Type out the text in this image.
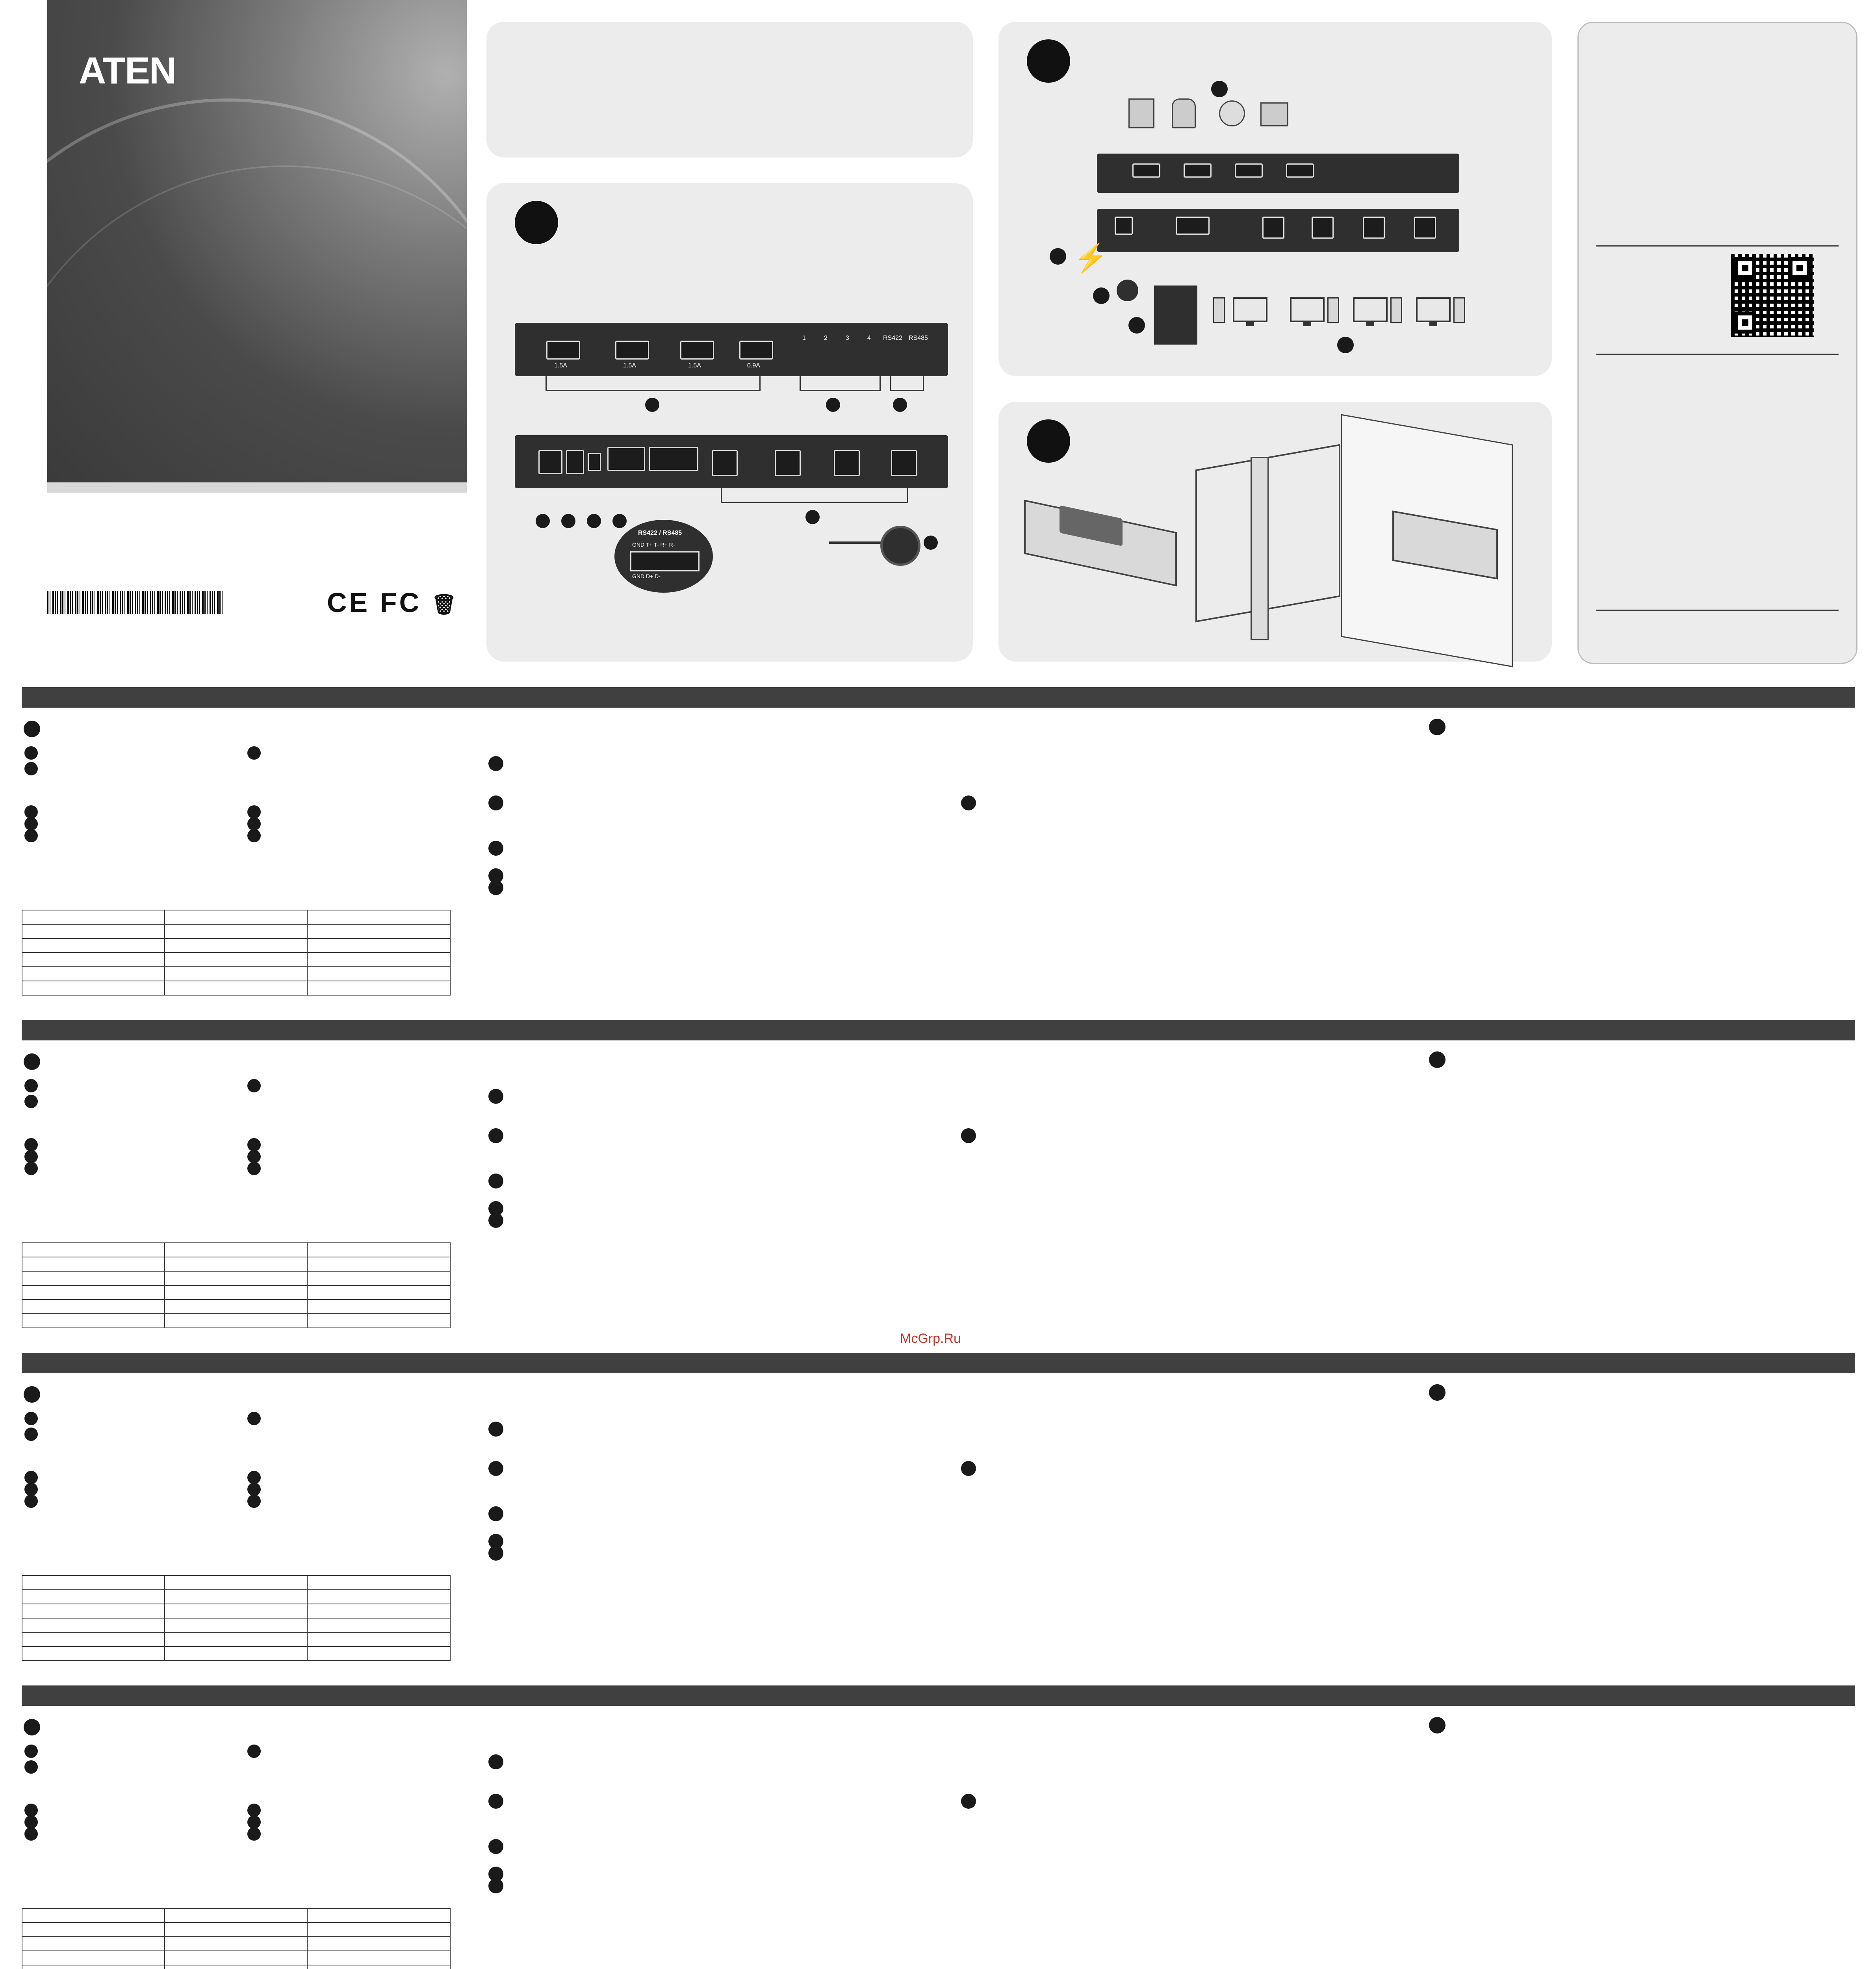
ATEN
CE FC 🗑
1.5A	1.5A	1.5A	0.9A
1	2	3	4 RS422 RS485
RS422 / RS485
GND T+ T- R+ R-
GND D+ D-
⚡
McGrp.Ru
